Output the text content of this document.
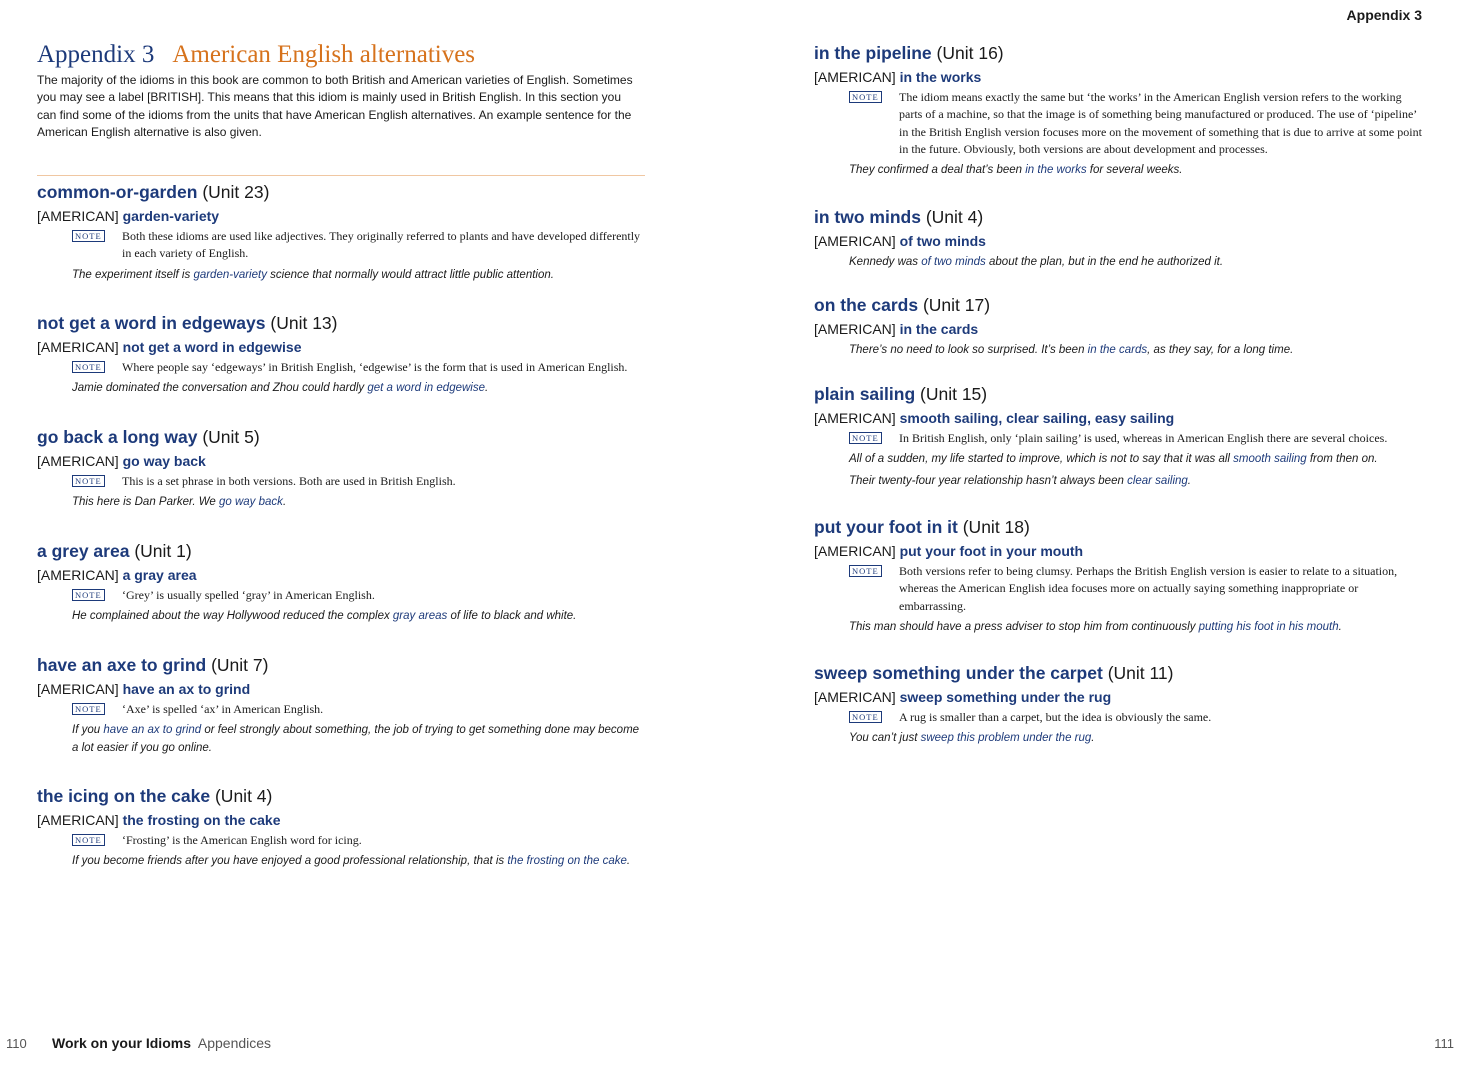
Appendix 3
Appendix 3 American English alternatives
The majority of the idioms in this book are common to both British and American varieties of English. Sometimes you may see a label [BRITISH]. This means that this idiom is mainly used in British English. In this section you can find some of the idioms from the units that have American English alternatives. An example sentence for the American English alternative is also given.
common-or-garden (Unit 23)
[AMERICAN] garden-variety
NOTE Both these idioms are used like adjectives. They originally referred to plants and have developed differently in each variety of English.
The experiment itself is garden-variety science that normally would attract little public attention.
not get a word in edgeways (Unit 13)
[AMERICAN] not get a word in edgewise
NOTE Where people say ‘edgeways’ in British English, ‘edgewise’ is the form that is used in American English.
Jamie dominated the conversation and Zhou could hardly get a word in edgewise.
go back a long way (Unit 5)
[AMERICAN] go way back
NOTE This is a set phrase in both versions. Both are used in British English.
This here is Dan Parker. We go way back.
a grey area (Unit 1)
[AMERICAN] a gray area
NOTE ‘Grey’ is usually spelled ‘gray’ in American English.
He complained about the way Hollywood reduced the complex gray areas of life to black and white.
have an axe to grind (Unit 7)
[AMERICAN] have an ax to grind
NOTE ‘Axe’ is spelled ‘ax’ in American English.
If you have an ax to grind or feel strongly about something, the job of trying to get something done may become a lot easier if you go online.
the icing on the cake (Unit 4)
[AMERICAN] the frosting on the cake
NOTE ‘Frosting’ is the American English word for icing.
If you become friends after you have enjoyed a good professional relationship, that is the frosting on the cake.
in the pipeline (Unit 16)
[AMERICAN] in the works
NOTE The idiom means exactly the same but ‘the works’ in the American English version refers to the working parts of a machine, so that the image is of something being manufactured or produced. The use of ‘pipeline’ in the British English version focuses more on the movement of something that is due to arrive at some point in the future. Obviously, both versions are about development and processes.
They confirmed a deal that’s been in the works for several weeks.
in two minds (Unit 4)
[AMERICAN] of two minds
Kennedy was of two minds about the plan, but in the end he authorized it.
on the cards (Unit 17)
[AMERICAN] in the cards
There’s no need to look so surprised. It’s been in the cards, as they say, for a long time.
plain sailing (Unit 15)
[AMERICAN] smooth sailing, clear sailing, easy sailing
NOTE In British English, only ‘plain sailing’ is used, whereas in American English there are several choices.
All of a sudden, my life started to improve, which is not to say that it was all smooth sailing from then on.
Their twenty-four year relationship hasn’t always been clear sailing.
put your foot in it (Unit 18)
[AMERICAN] put your foot in your mouth
NOTE Both versions refer to being clumsy. Perhaps the British English version is easier to relate to a situation, whereas the American English idea focuses more on actually saying something inappropriate or embarrassing.
This man should have a press adviser to stop him from continuously putting his foot in his mouth.
sweep something under the carpet (Unit 11)
[AMERICAN] sweep something under the rug
NOTE A rug is smaller than a carpet, but the idea is obviously the same.
You can’t just sweep this problem under the rug.
110 Work on your Idioms Appendices	111
